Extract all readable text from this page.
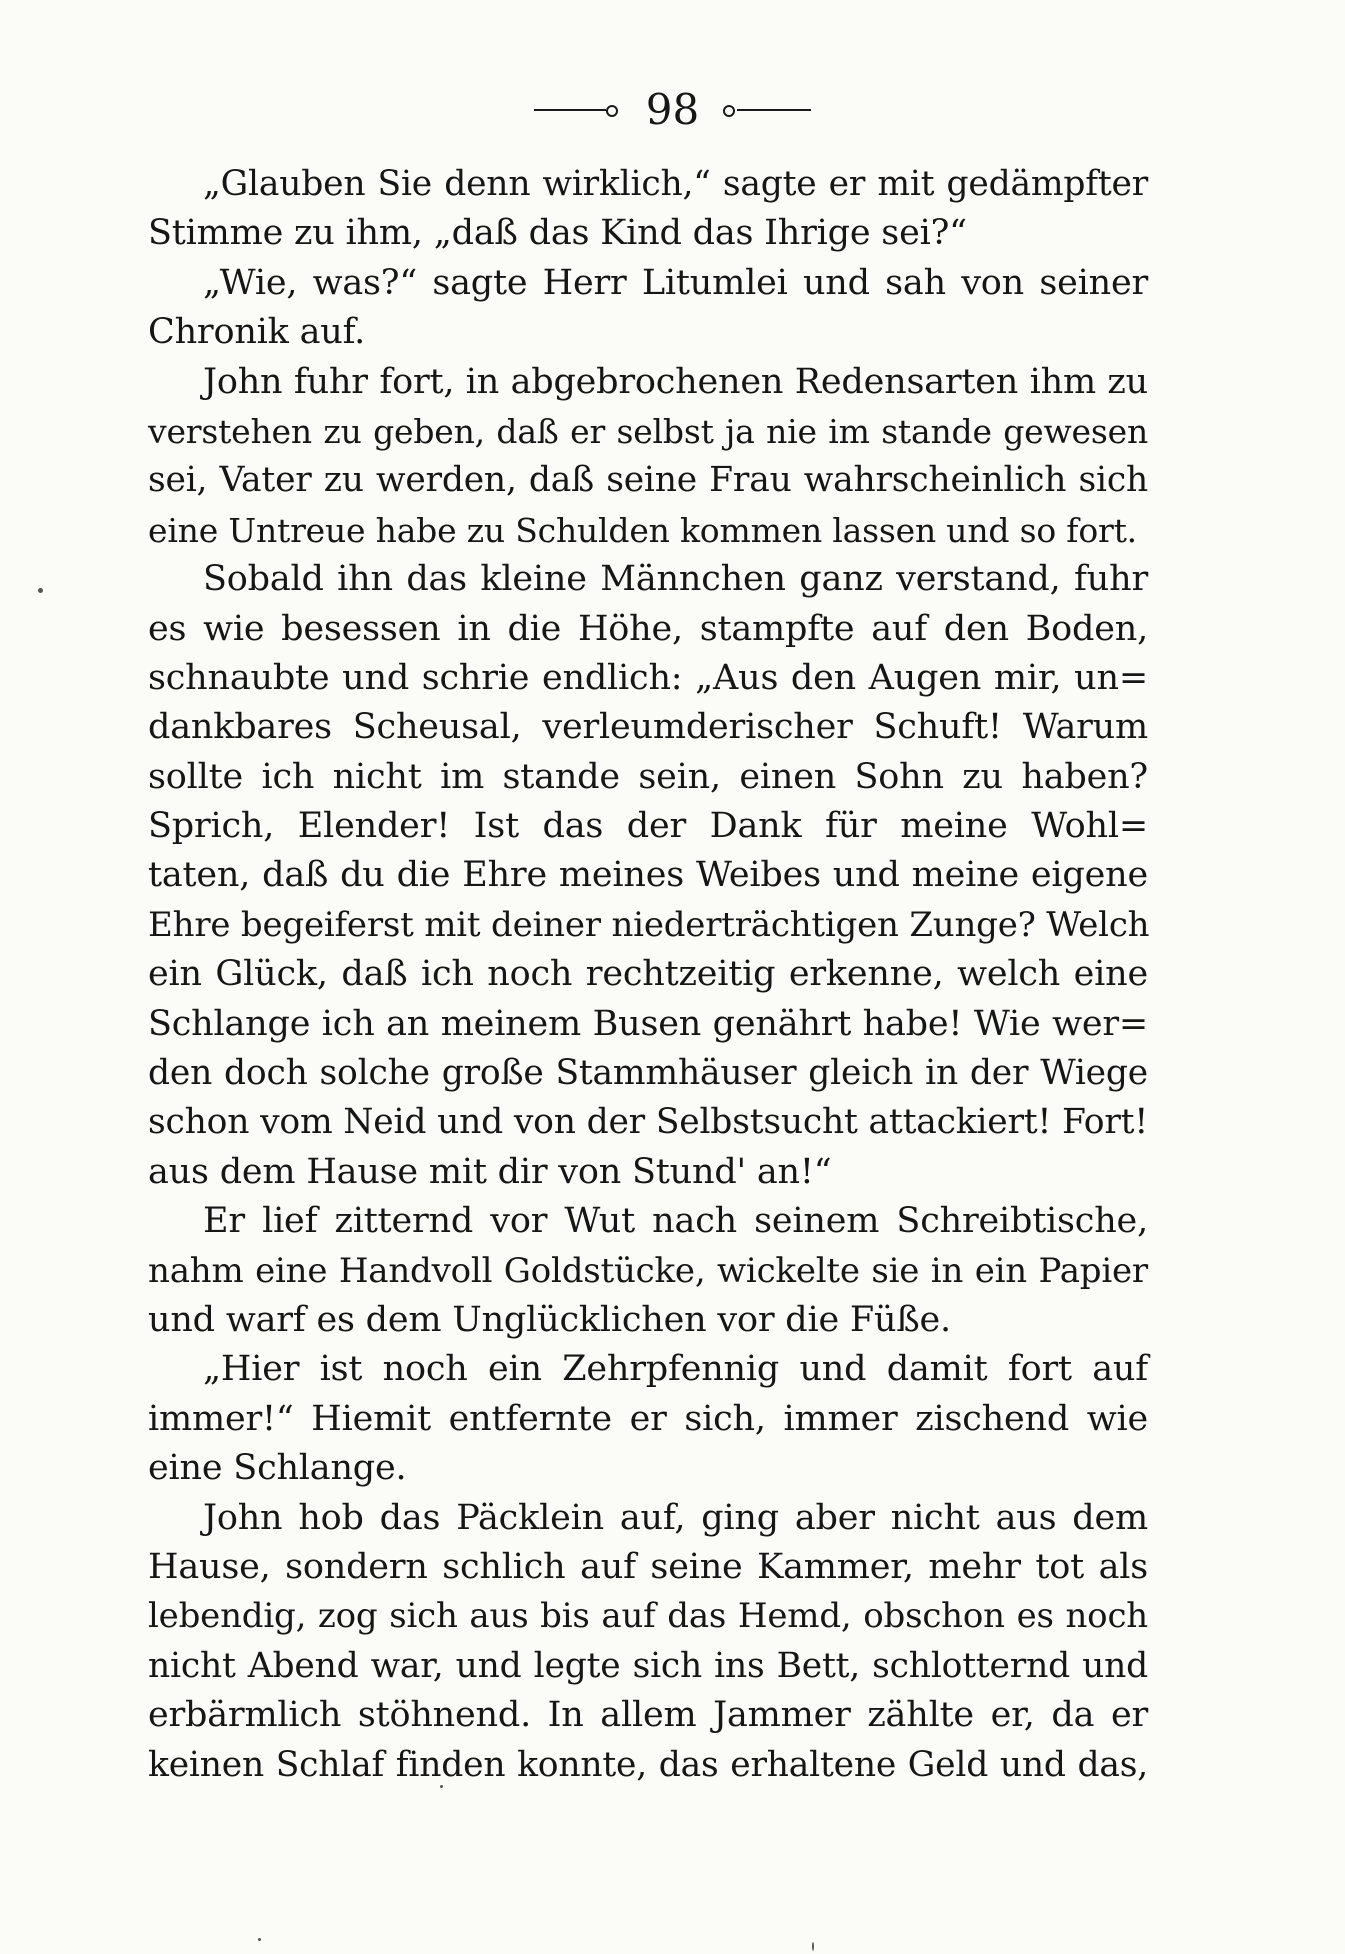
98
„Glauben Sie denn wirklich,“ sagte er mit gedämpfter
Stimme zu ihm, „daß das Kind das Ihrige sei?“
„Wie, was?“ sagte Herr Litumlei und sah von seiner
Chronik auf.
John fuhr fort, in abgebrochenen Redensarten ihm zu
verstehen zu geben, daß er selbst ja nie im stande gewesen
sei, Vater zu werden, daß seine Frau wahrscheinlich sich
eine Untreue habe zu Schulden kommen lassen und so fort.
Sobald ihn das kleine Männchen ganz verstand, fuhr
es wie besessen in die Höhe, stampfte auf den Boden,
schnaubte und schrie endlich: „Aus den Augen mir, un=
dankbares Scheusal, verleumderischer Schuft! Warum
sollte ich nicht im stande sein, einen Sohn zu haben?
Sprich, Elender! Ist das der Dank für meine Wohl=
taten, daß du die Ehre meines Weibes und meine eigene
Ehre begeiferst mit deiner niederträchtigen Zunge? Welch
ein Glück, daß ich noch rechtzeitig erkenne, welch eine
Schlange ich an meinem Busen genährt habe! Wie wer=
den doch solche große Stammhäuser gleich in der Wiege
schon vom Neid und von der Selbstsucht attackiert! Fort!
aus dem Hause mit dir von Stund' an!“
Er lief zitternd vor Wut nach seinem Schreibtische,
nahm eine Handvoll Goldstücke, wickelte sie in ein Papier
und warf es dem Unglücklichen vor die Füße.
„Hier ist noch ein Zehrpfennig und damit fort auf
immer!“ Hiemit entfernte er sich, immer zischend wie
eine Schlange.
John hob das Päcklein auf, ging aber nicht aus dem
Hause, sondern schlich auf seine Kammer, mehr tot als
lebendig, zog sich aus bis auf das Hemd, obschon es noch
nicht Abend war, und legte sich ins Bett, schlotternd und
erbärmlich stöhnend. In allem Jammer zählte er, da er
keinen Schlaf finden konnte, das erhaltene Geld und das,
